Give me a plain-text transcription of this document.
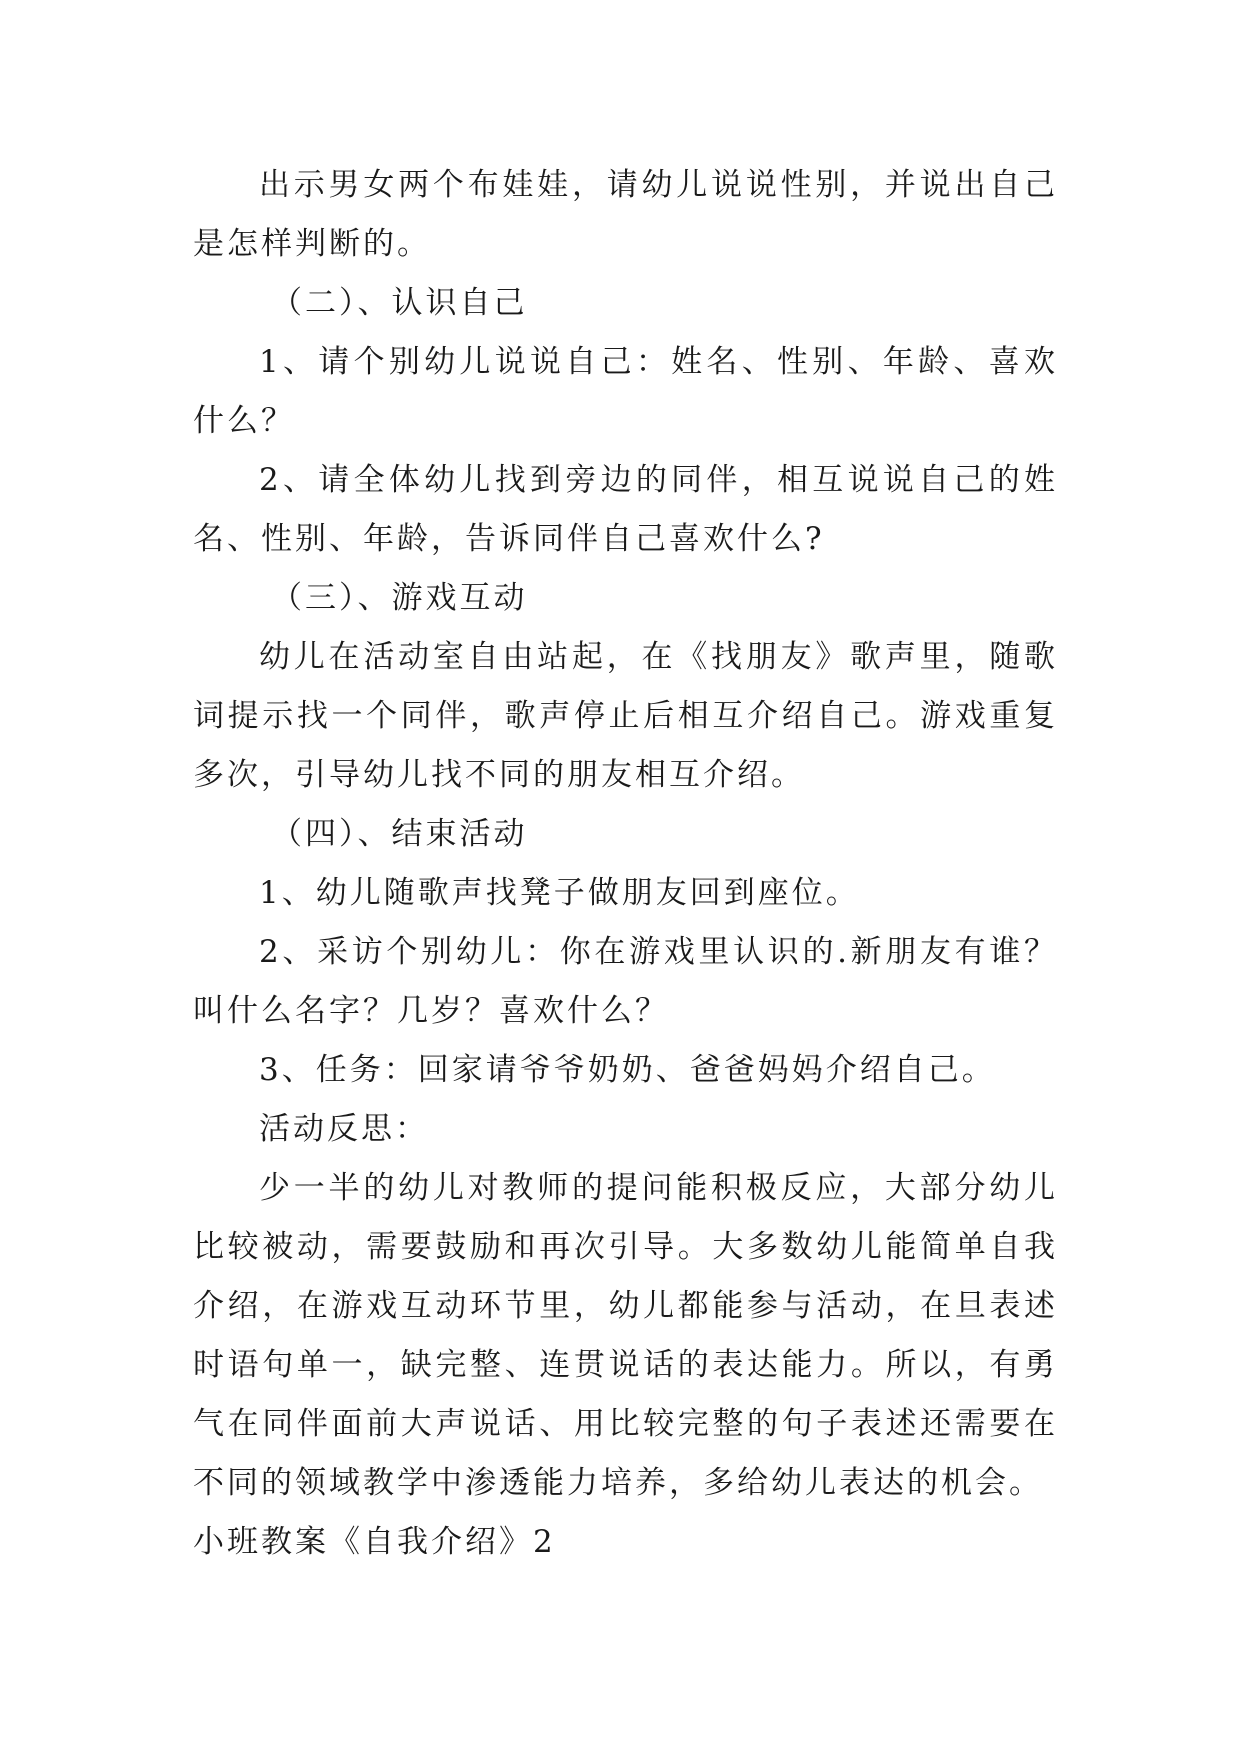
出示男女两个布娃娃，请幼儿说说性别，并说出自己是怎样判断的。

（二）、认识自己

1、请个别幼儿说说自己：姓名、性别、年龄、喜欢什么？

2、请全体幼儿找到旁边的同伴，相互说说自己的姓名、性别、年龄，告诉同伴自己喜欢什么?

（三）、游戏互动

幼儿在活动室自由站起，在《找朋友》歌声里，随歌词提示找一个同伴，歌声停止后相互介绍自己。游戏重复多次，引导幼儿找不同的朋友相互介绍。

（四）、结束活动

1、幼儿随歌声找凳子做朋友回到座位。

2、采访个别幼儿：你在游戏里认识的.新朋友有谁？叫什么名字？几岁？喜欢什么？

3、任务：回家请爷爷奶奶、爸爸妈妈介绍自己。

活动反思：

少一半的幼儿对教师的提问能积极反应，大部分幼儿比较被动，需要鼓励和再次引导。大多数幼儿能简单自我介绍，在游戏互动环节里，幼儿都能参与活动，在旦表述时语句单一，缺完整、连贯说话的表达能力。所以，有勇气在同伴面前大声说话、用比较完整的句子表述还需要在不同的领域教学中渗透能力培养，多给幼儿表达的机会。

小班教案《自我介绍》2
